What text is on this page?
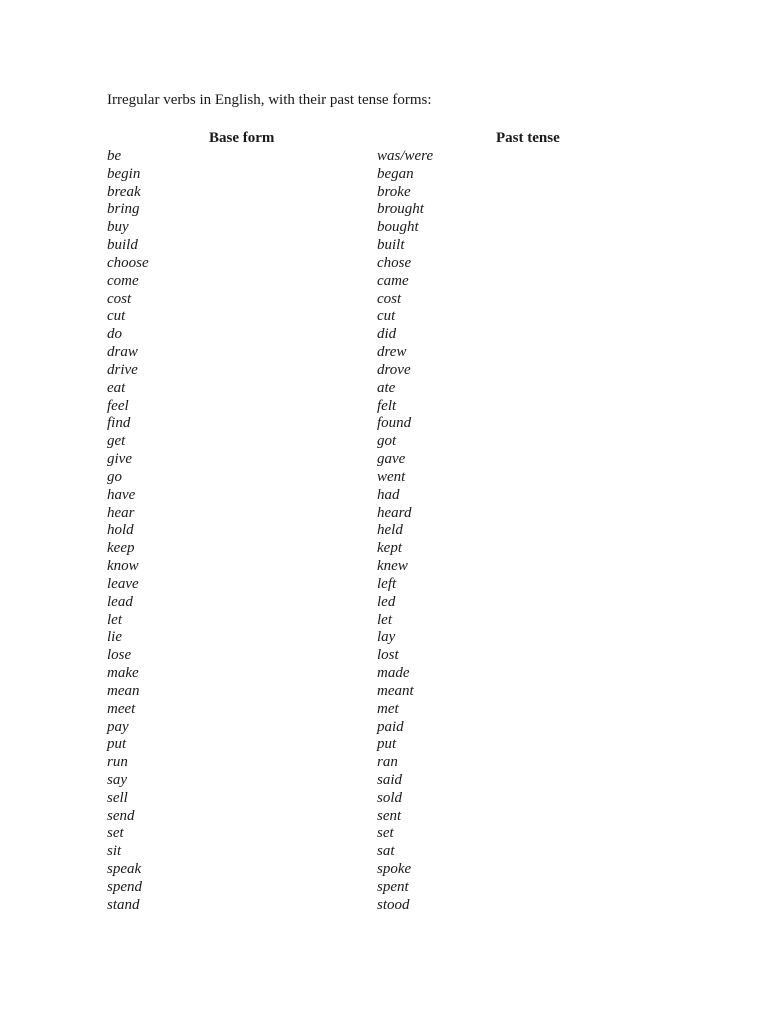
Irregular verbs in English, with their past tense forms:
Base form	Past tense
be	was/were
begin	began
break	broke
bring	brought
buy	bought
build	built
choose	chose
come	came
cost	cost
cut	cut
do	did
draw	drew
drive	drove
eat	ate
feel	felt
find	found
get	got
give	gave
go	went
have	had
hear	heard
hold	held
keep	kept
know	knew
leave	left
lead	led
let	let
lie	lay
lose	lost
make	made
mean	meant
meet	met
pay	paid
put	put
run	ran
say	said
sell	sold
send	sent
set	set
sit	sat
speak	spoke
spend	spent
stand	stood
